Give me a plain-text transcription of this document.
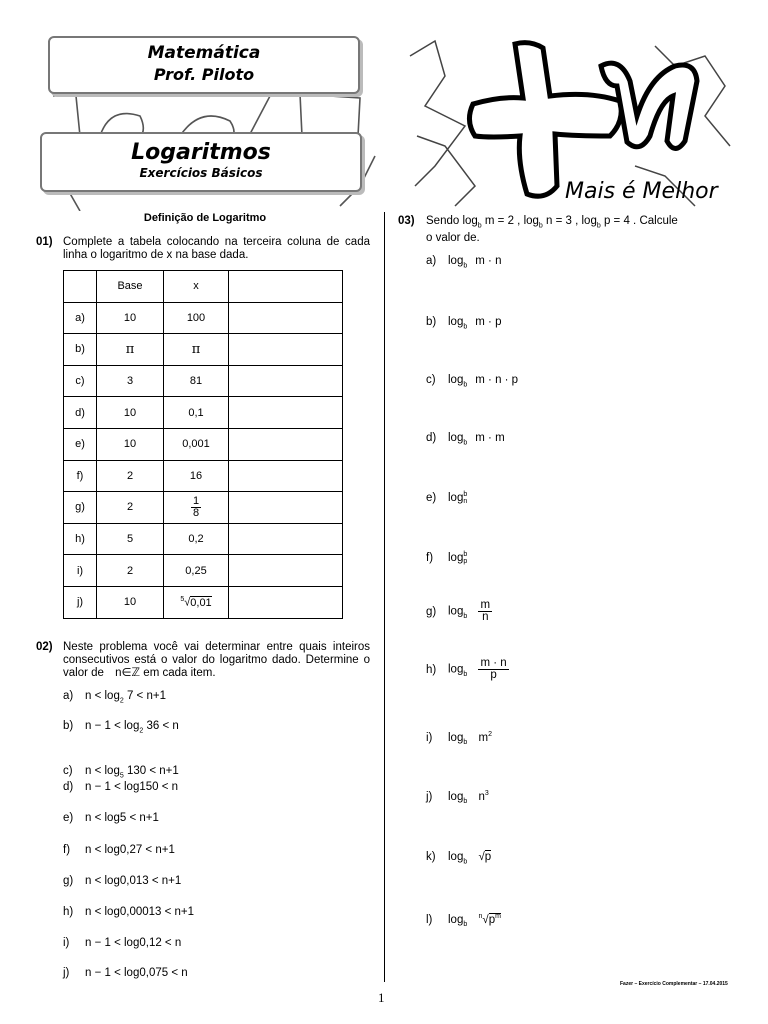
Matemática
Prof. Piloto
Logaritmos
Exercícios Básicos
Mais é Melhor
Definição de Logaritmo
01) Complete a tabela colocando na terceira coluna de cada linha o logaritmo de x na base dada.
	Base	x	
a)	10	100	
b)	π	π	
c)	3	81	
d)	10	0,1	
e)	10	0,001	
f)	2	16	
g)	2	$\frac{1}{8}$

h)	5	0,2	
i)	2	0,25	
j)	10	$^5$√0,01	
02) Neste problema você vai determinar entre quais inteiros consecutivos está o valor do logaritmo dado. Determine o valor de n∈ℤ em cada item.
a) $n < \log_2 7 < n+1$
b) $n - 1 < \log_2 36 < n$
c) $n < \log_5 130 < n+1$
d) n − 1 < log150 < n
e) n < log5 < n+1
f) n < log0,27 < n+1
g) n < log0,013 < n+1
h) n < log0,00013 < n+1
i) n − 1 < log0,12 < n
j) n − 1 < log0,075 < n
03) Sendo $\log_b m = 2$ , $\log_b n = 3$ , $\log_b p = 4$ . Calcule
o valor de.
a) $\log_b m \cdot n$
b) $\log_b m \cdot p$
c) $\log_b m \cdot n \cdot p$
d) $\log_b m \cdot m$
e) log b
n
f) log b
p
g) $\log_b \frac{m}{n}$
h) $\log_b \frac{m \cdot n}{p}$
i) $\log_b m^2$
j) $\log_b n^3$
k) $\log_b √p$
l) $\log_b ^n√p^m$
Fazer – Exercício Complementar – 17.04.2015
1
